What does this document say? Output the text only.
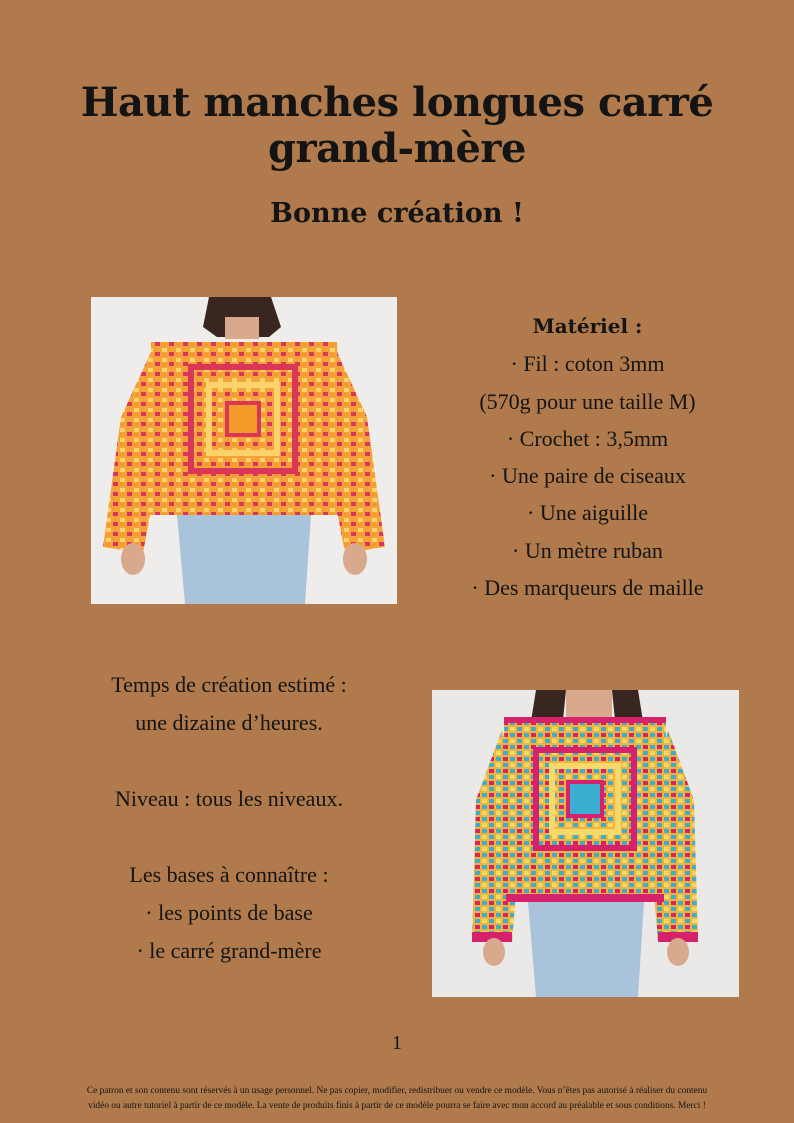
Haut manches longues carré grand-mère
Bonne création !
Matériel :
· Fil : coton 3mm
(570g pour une taille M)
· Crochet : 3,5mm
· Une paire de ciseaux
· Une aiguille
· Un mètre ruban
· Des marqueurs de maille
Temps de création estimé :
une dizaine d’heures.
Niveau : tous les niveaux.
Les bases à connaître :
· les points de base
· le carré grand-mère
1
Ce patron et son contenu sont réservés à un usage personnel. Ne pas copier, modifier, redistribuer ou vendre ce modèle. Vous n’êtes pas autorisé à réaliser du contenu
vidéo ou autre tutoriel à partir de ce modèle. La vente de produits finis à partir de ce modèle pourra se faire avec mon accord au préalable et sous conditions. Merci !
